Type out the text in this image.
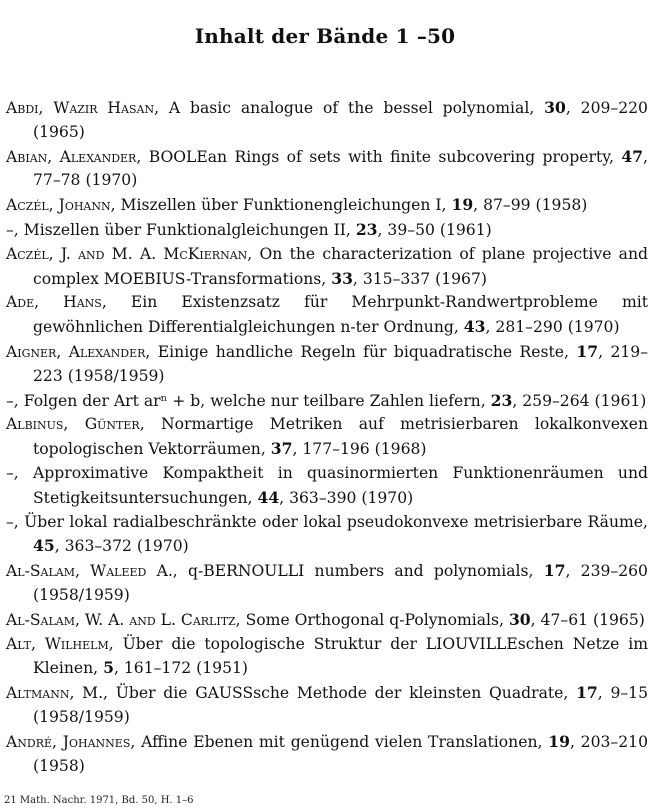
Inhalt der Bände 1 –50
Abdi, Wazir Hasan, A basic analogue of the bessel polynomial, 30, 209–220 (1965)
Abian, Alexander, BOOLEan Rings of sets with finite subcovering property, 47, 77–78 (1970)
Aczél, Johann, Miszellen über Funktionengleichungen I, 19, 87–99 (1958)
–, Miszellen über Funktionalgleichungen II, 23, 39–50 (1961)
Aczél, J. and M. A. McKiernan, On the characterization of plane projective and complex MOEBIUS-Transformations, 33, 315–337 (1967)
Ade, Hans, Ein Existenzsatz für Mehrpunkt-Randwertprobleme mit gewöhnlichen Differentialgleichungen n-ter Ordnung, 43, 281–290 (1970)
Aigner, Alexander, Einige handliche Regeln für biquadratische Reste, 17, 219–223 (1958/1959)
–, Folgen der Art arⁿ + b, welche nur teilbare Zahlen liefern, 23, 259–264 (1961)
Albinus, Günter, Normartige Metriken auf metrisierbaren lokalkonvexen topologischen Vektorräumen, 37, 177–196 (1968)
–, Approximative Kompaktheit in quasinormierten Funktionenräumen und Stetigkeitsuntersuchungen, 44, 363–390 (1970)
–, Über lokal radialbeschränkte oder lokal pseudokonvexe metrisierbare Räume, 45, 363–372 (1970)
Al-Salam, Waleed A., q-BERNOULLI numbers and polynomials, 17, 239–260 (1958/1959)
Al-Salam, W. A. and L. Carlitz, Some Orthogonal q-Polynomials, 30, 47–61 (1965)
Alt, Wilhelm, Über die topologische Struktur der LIOUVILLEschen Netze im Kleinen, 5, 161–172 (1951)
Altmann, M., Über die GAUSSsche Methode der kleinsten Quadrate, 17, 9–15 (1958/1959)
André, Johannes, Affine Ebenen mit genügend vielen Translationen, 19, 203–210 (1958)
21 Math. Nachr. 1971, Bd. 50, H. 1–6
